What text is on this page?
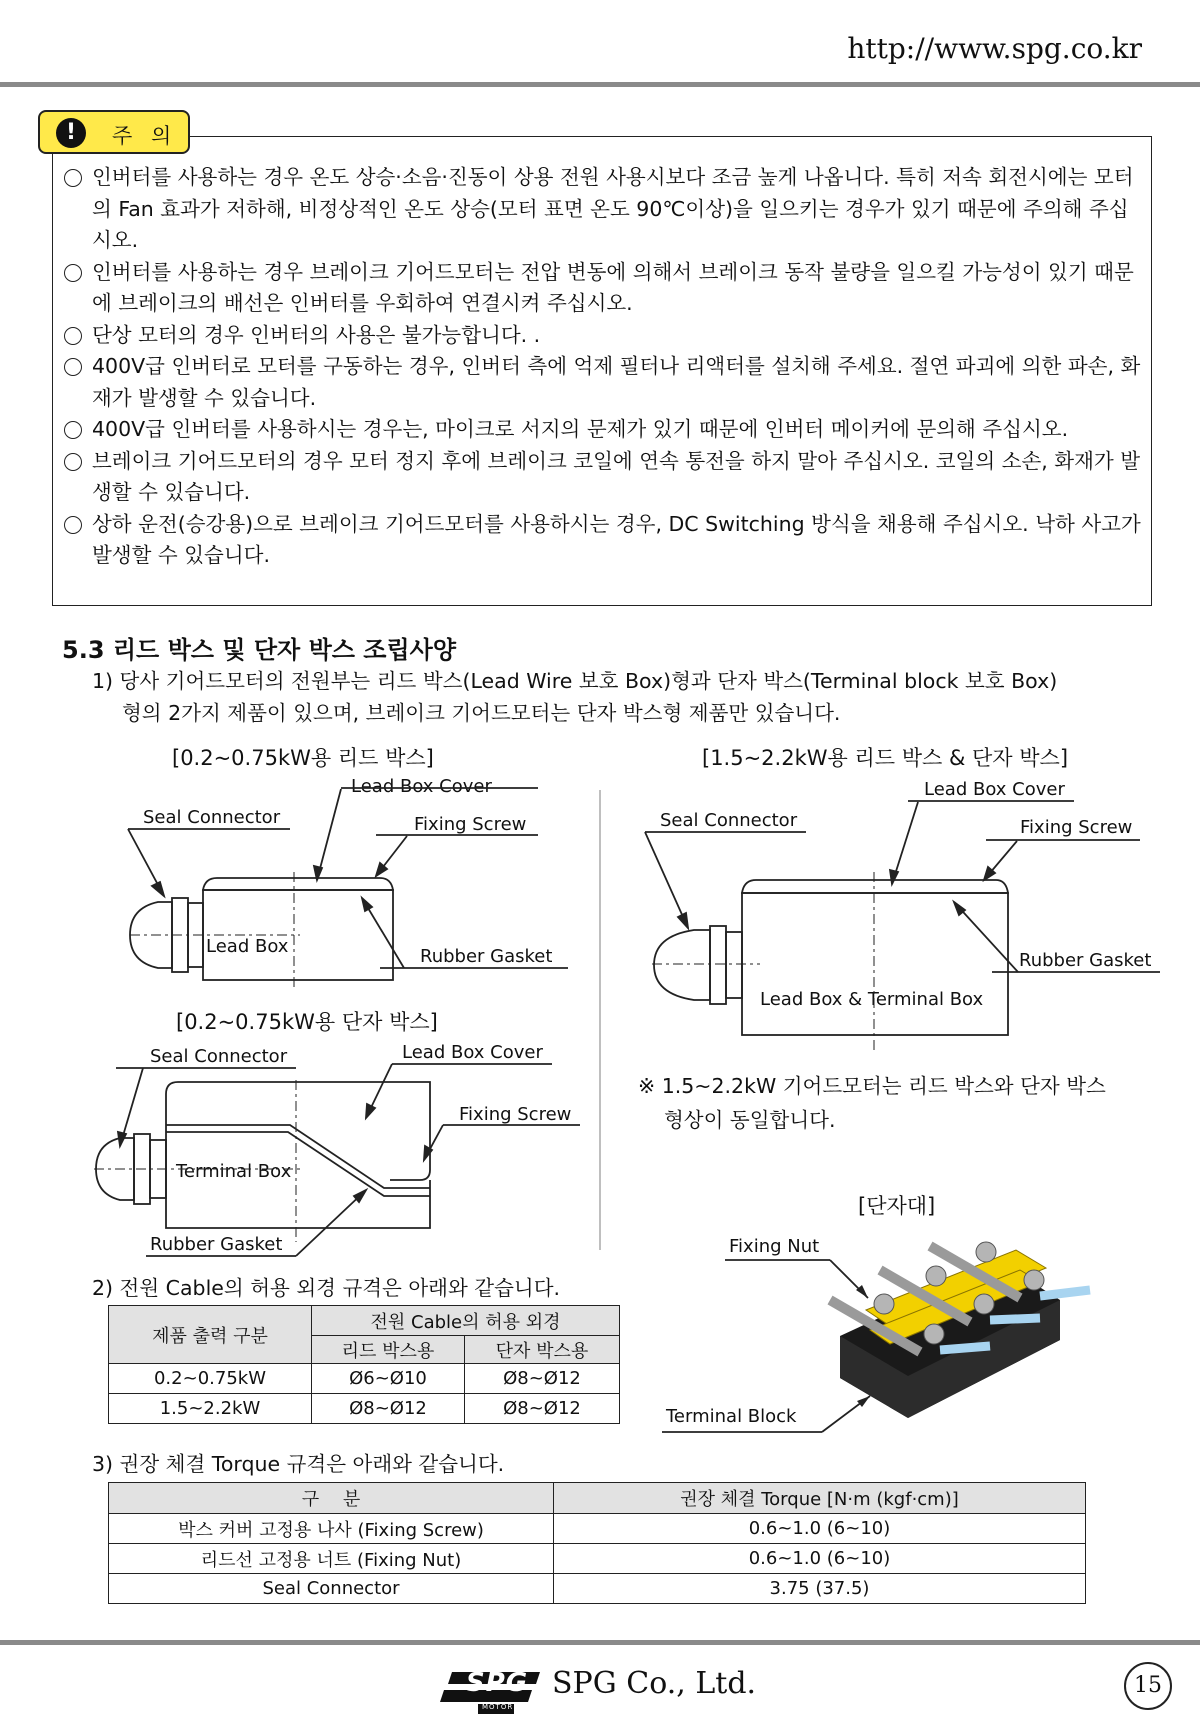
http://www.spg.co.kr
!	주 의
인버터를 사용하는 경우 온도 상승·소음·진동이 상용 전원 사용시보다 조금 높게 나옵니다. 특히 저속 회전시에는 모터의 Fan 효과가 저하해, 비정상적인 온도 상승(모터 표면 온도 90℃이상)을 일으키는 경우가 있기 때문에 주의해 주십시오.
인버터를 사용하는 경우 브레이크 기어드모터는 전압 변동에 의해서 브레이크 동작 불량을 일으킬 가능성이 있기 때문에 브레이크의 배선은 인버터를 우회하여 연결시켜 주십시오.
단상 모터의 경우 인버터의 사용은 불가능합니다. .
400V급 인버터로 모터를 구동하는 경우, 인버터 측에 억제 필터나 리액터를 설치해 주세요. 절연 파괴에 의한 파손, 화재가 발생할 수 있습니다.
400V급 인버터를 사용하시는 경우는, 마이크로 서지의 문제가 있기 때문에 인버터 메이커에 문의해 주십시오.
브레이크 기어드모터의 경우 모터 정지 후에 브레이크 코일에 연속 통전을 하지 말아 주십시오. 코일의 소손, 화재가 발생할 수 있습니다.
상하 운전(승강용)으로 브레이크 기어드모터를 사용하시는 경우, DC Switching 방식을 채용해 주십시오. 낙하 사고가 발생할 수 있습니다.
5.3 리드 박스 및 단자 박스 조립사양
1) 당사 기어드모터의 전원부는 리드 박스(Lead Wire 보호 Box)형과 단자 박스(Terminal block 보호 Box)
형의 2가지 제품이 있으며, 브레이크 기어드모터는 단자 박스형 제품만 있습니다.
[0.2~0.75kW용 리드 박스]	[1.5~2.2kW용 리드 박스 & 단자 박스]
[0.2~0.75kW용 단자 박스]
[단자대]
Lead Box Cover
Seal Connector	Fixing Screw
Lead Box	Rubber Gasket
Seal Connector	Lead Box Cover
Fixing Screw
Terminal Box
Rubber Gasket
Lead Box Cover
Seal Connector	Fixing Screw
Rubber Gasket
Lead Box & Terminal Box
※ 1.5~2.2kW 기어드모터는 리드 박스와 단자 박스
형상이 동일합니다.
Fixing Nut
Terminal Block
SPG
MOTOR
2) 전원 Cable의 허용 외경 규격은 아래와 같습니다.
제품 출력 구분	전원 Cable의 허용 외경	
	리드 박스용	단자 박스용
0.2~0.75kW	Ø6~Ø10	Ø8~Ø12
1.5~2.2kW	Ø8~Ø12	Ø8~Ø12
3) 권장 체결 Torque 규격은 아래와 같습니다.
구　 분	권장 체결 Torque [N·m (kgf·cm)]
박스 커버 고정용 나사 (Fixing Screw)	0.6~1.0 (6~10)
리드선 고정용 너트 (Fixing Nut)	0.6~1.0 (6~10)
Seal Connector	3.75 (37.5)
SPG Co., Ltd.	15
